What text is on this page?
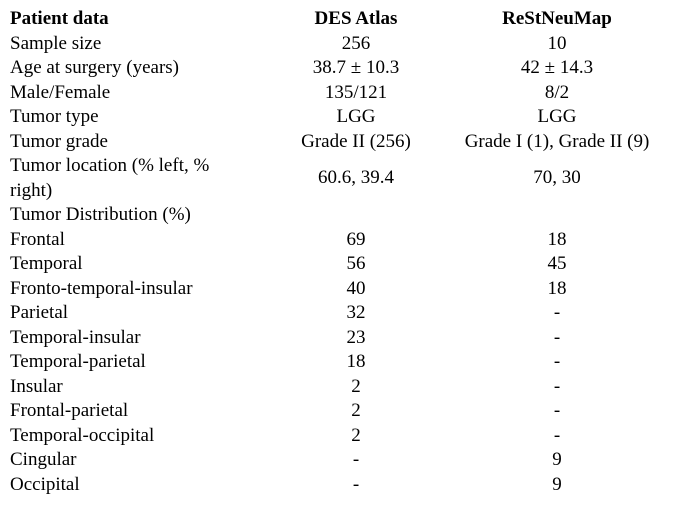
Patient data	DES Atlas	ReStNeuMap
Sample size	256	10
Age at surgery (years)	38.7 ± 10.3	42 ± 14.3
Male/Female	135/121	8/2
Tumor type	LGG	LGG
Tumor grade	Grade II (256)	Grade I (1), Grade II (9)
Tumor location (% left, % right)	60.6, 39.4	70, 30
Tumor Distribution (%)		
Frontal	69	18
Temporal	56	45
Fronto-temporal-insular	40	18
Parietal	32	-
Temporal-insular	23	-
Temporal-parietal	18	-
Insular	2	-
Frontal-parietal	2	-
Temporal-occipital	2	-
Cingular	-	9
Occipital	-	9
